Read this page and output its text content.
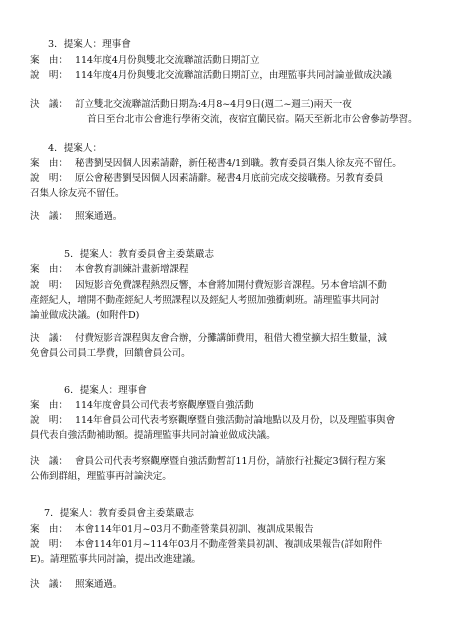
3．提案人：理事會
案　由： 114年度4月份與雙北交流聯誼活動日期訂立
說　明： 114年度4月份與雙北交流聯誼活動日期訂立，由理監事共同討論並做成決議
決　議： 訂立雙北交流聯誼活動日期為:4月8~4月9日(週二~週三)兩天一夜
首日至台北市公會進行學術交流，夜宿宜蘭民宿。隔天至新北市公會參訪學習。
4．提案人：
案　由： 秘書劉旻因個人因素請辭，新任秘書4/1到職。教育委員召集人徐友亮不留任。
說　明： 原公會秘書劉旻因個人因素請辭。秘書4月底前完成交接職務。另教育委員
召集人徐友亮不留任。
決　議： 照案通過。
5．提案人：教育委員會主委葉嚴志
案　由： 本會教育訓練計畫新增課程
說　明： 因短影音免費課程熱烈反響，本會將加開付費短影音課程。另本會培訓不動
產經紀人，增開不動產經紀人考照課程以及經紀人考照加強衝刺班。請理監事共同討
論並做成決議。(如附件D)
決　議： 付費短影音課程與友會合辦，分攤講師費用，租借大禮堂擴大招生數量，減
免會員公司員工學費，回饋會員公司。
6．提案人：理事會
案　由： 114年度會員公司代表考察觀摩暨自強活動
說　明： 114年會員公司代表考察觀摩暨自強活動討論地點以及月份，以及理監事與會
員代表自強活動補助額。提請理監事共同討論並做成決議。
決　議： 會員公司代表考察觀摩暨自強活動暫訂11月份，請旅行社擬定3個行程方案
公佈到群組，理監事再討論決定。
7．提案人：教育委員會主委葉嚴志
案　由： 本會114年01月~03月不動產營業員初訓、複訓成果報告
說　明： 本會114年01月~114年03月不動產營業員初訓、複訓成果報告(詳如附件
E)。請理監事共同討論，提出改進建議。
決　議： 照案通過。
